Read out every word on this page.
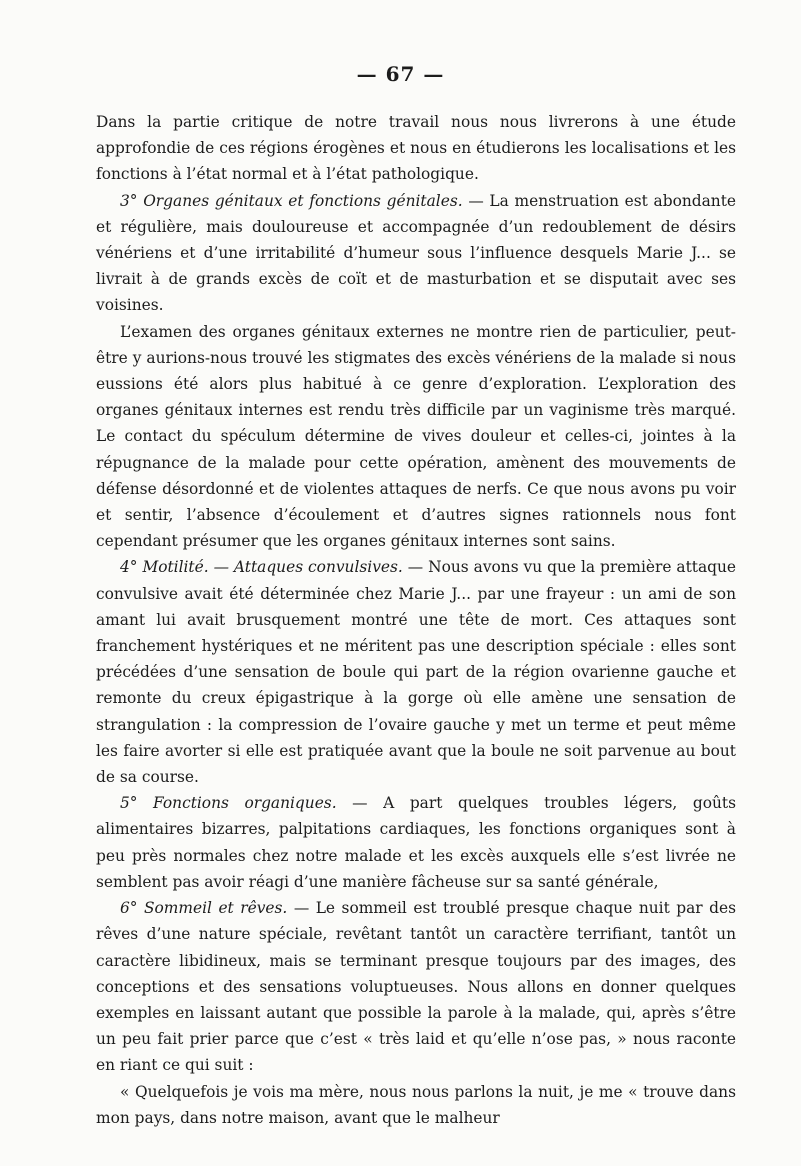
— 67 —

Dans la partie critique de notre travail nous nous livrerons à une étude approfondie de ces régions érogènes et nous en étudierons les localisations et les fonctions à l’état normal et à l’état pathologique.

3° Organes génitaux et fonctions génitales. — La menstruation est abondante et régulière, mais douloureuse et accompagnée d’un redoublement de désirs vénériens et d’une irritabilité d’humeur sous l’influence desquels Marie J... se livrait à de grands excès de coït et de masturbation et se disputait avec ses voisines.

L’examen des organes génitaux externes ne montre rien de particulier, peut-être y aurions-nous trouvé les stigmates des excès vénériens de la malade si nous eussions été alors plus habitué à ce genre d’exploration. L’exploration des organes génitaux internes est rendu très difficile par un vaginisme très marqué. Le contact du spéculum détermine de vives douleur et celles-ci, jointes à la répugnance de la malade pour cette opération, amènent des mouvements de défense désordonné et de violentes attaques de nerfs. Ce que nous avons pu voir et sentir, l’absence d’écoulement et d’autres signes rationnels nous font cependant présumer que les organes génitaux internes sont sains.

4° Motilité. — Attaques convulsives. — Nous avons vu que la première attaque convulsive avait été déterminée chez Marie J... par une frayeur : un ami de son amant lui avait brusquement montré une tête de mort. Ces attaques sont franchement hystériques et ne méritent pas une description spéciale : elles sont précédées d’une sensation de boule qui part de la région ovarienne gauche et remonte du creux épigastrique à la gorge où elle amène une sensation de strangulation : la compression de l’ovaire gauche y met un terme et peut même les faire avorter si elle est pratiquée avant que la boule ne soit parvenue au bout de sa course.

5° Fonctions organiques. — A part quelques troubles légers, goûts alimentaires bizarres, palpitations cardiaques, les fonctions organiques sont à peu près normales chez notre malade et les excès auxquels elle s’est livrée ne semblent pas avoir réagi d’une manière fâcheuse sur sa santé générale,

6° Sommeil et rêves. — Le sommeil est troublé presque chaque nuit par des rêves d’une nature spéciale, revêtant tantôt un caractère terrifiant, tantôt un caractère libidineux, mais se terminant presque toujours par des images, des conceptions et des sensations voluptueuses. Nous allons en donner quelques exemples en laissant autant que possible la parole à la malade, qui, après s’être un peu fait prier parce que c’est « très laid et qu’elle n’ose pas, » nous raconte en riant ce qui suit :

« Quelquefois je vois ma mère, nous nous parlons la nuit, je me « trouve dans mon pays, dans notre maison, avant que le malheur
